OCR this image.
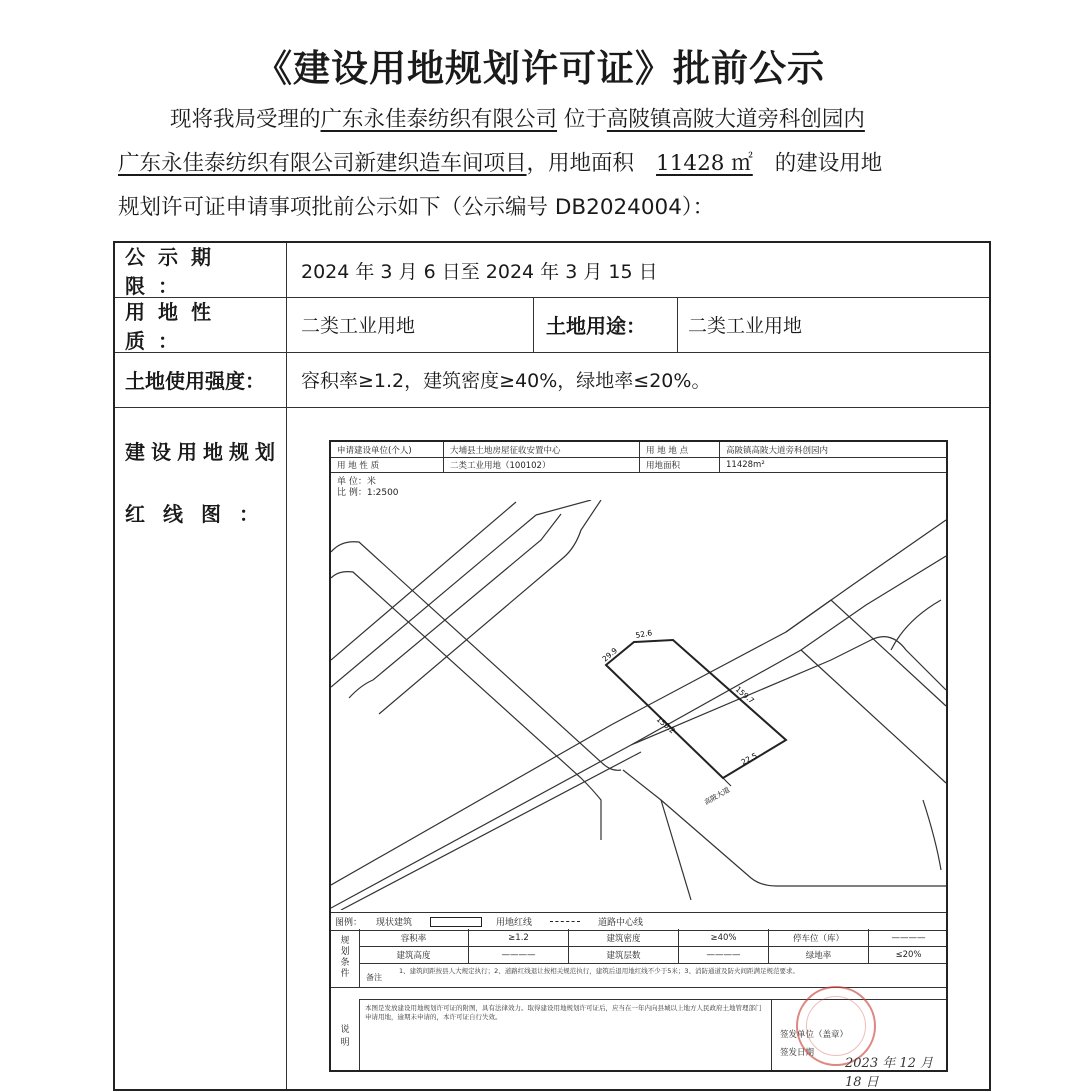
《建设用地规划许可证》批前公示
现将我局受理的广东永佳泰纺织有限公司 位于高陂镇高陂大道旁科创园内
广东永佳泰纺织有限公司新建织造车间项目，用地面积 11428 ㎡ 的建设用地
规划许可证申请事项批前公示如下（公示编号 DB2024004）：
公示期限：
2024 年 3 月 6 日至 2024 年 3 月 15 日
用地性质：
二类工业用地	土地用途：	二类工业用地
土地使用强度：	容积率≥1.2，建筑密度≥40%，绿地率≤20%。
建设用地规划
红线图：
申请建设单位(个人)	大埔县土地房屋征收安置中心	用 地 地 点	高陂镇高陂大道旁科创园内
用 地 性 质	二类工业用地（100102）	用地面积	11428m²
单 位：米
比 例：1:2500
52.6
29.9
159.7
150.2
22.5
高陂大道
图例： 现状建筑	用地红线	道路中心线
规
划
条
件
容积率	≥1.2	建筑密度	≥40%	停车位（库）	————
建筑高度	————	建筑层数	————	绿地率	≤20%
备注
1、建筑间距按县人大规定执行；2、道路红线退让按相关规范执行，建筑后退用地红线不少于5米；3、消防通道及防火间距满足规范要求。
说
明
本图是发放建设用地规划许可证的附图，具有法律效力。取得建设用地规划许可证后，应当在一年内向县城以上地方人民政府土地管理部门申请用地，逾期未申请的，本许可证自行失效。
签发单位（盖章）
签发日期
2023 年 12 月 18 日
